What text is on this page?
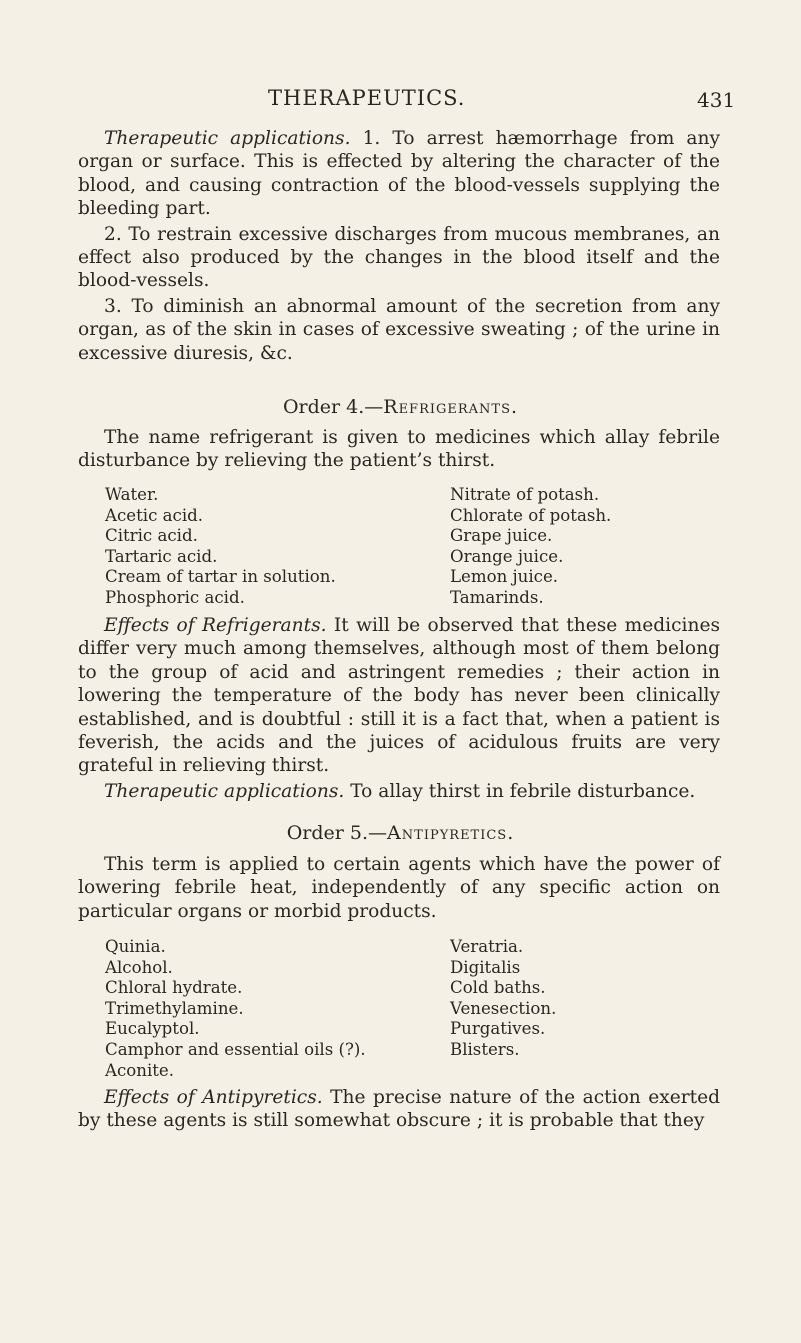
THERAPEUTICS.	431

Therapeutic applications. 1. To arrest hæmorrhage from any organ or surface. This is effected by altering the character of the blood, and causing contraction of the blood-vessels supplying the bleeding part.

2. To restrain excessive discharges from mucous membranes, an effect also produced by the changes in the blood itself and the blood-vessels.

3. To diminish an abnormal amount of the secretion from any organ, as of the skin in cases of excessive sweating ; of the urine in excessive diuresis, &c.

Order 4.—Refrigerants.

The name refrigerant is given to medicines which allay febrile disturbance by relieving the patient’s thirst.

Water.
Acetic acid.
Citric acid.
Tartaric acid.
Cream of tartar in solution.
Phosphoric acid.
Nitrate of potash.
Chlorate of potash.
Grape juice.
Orange juice.
Lemon juice.
Tamarinds.

Effects of Refrigerants. It will be observed that these medicines differ very much among themselves, although most of them belong to the group of acid and astringent remedies ; their action in lowering the temperature of the body has never been clinically established, and is doubtful : still it is a fact that, when a patient is feverish, the acids and the juices of acidulous fruits are very grateful in relieving thirst.

Therapeutic applications. To allay thirst in febrile disturbance.

Order 5.—Antipyretics.

This term is applied to certain agents which have the power of lowering febrile heat, independently of any specific action on particular organs or morbid products.

Quinia.
Alcohol.
Chloral hydrate.
Trimethylamine.
Eucalyptol.
Camphor and essential oils (?).
Aconite.
Veratria.
Digitalis
Cold baths.
Venesection.
Purgatives.
Blisters.

Effects of Antipyretics. The precise nature of the action exerted by these agents is still somewhat obscure ; it is probable that they
